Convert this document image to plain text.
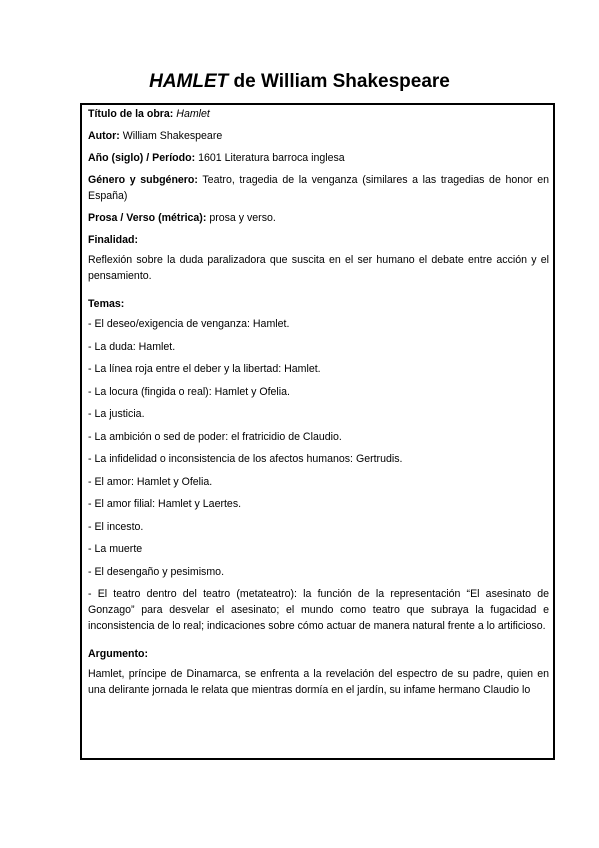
HAMLET de William Shakespeare

Título de la obra: Hamlet

Autor: William Shakespeare

Año (siglo) / Período: 1601 Literatura barroca inglesa

Género y subgénero: Teatro, tragedia de la venganza (similares a las tragedias de honor en España)

Prosa / Verso (métrica): prosa y verso.

Finalidad:

Reflexión sobre la duda paralizadora que suscita en el ser humano el debate entre acción y el pensamiento.

Temas:

- El deseo/exigencia de venganza: Hamlet.

- La duda: Hamlet.

- La línea roja entre el deber y la libertad: Hamlet.

- La locura (fingida o real): Hamlet y Ofelia.

- La justicia.

- La ambición o sed de poder: el fratricidio de Claudio.

- La infidelidad o inconsistencia de los afectos humanos: Gertrudis.

- El amor: Hamlet y Ofelia.

- El amor filial: Hamlet y Laertes.

- El incesto.

- La muerte

- El desengaño y pesimismo.

- El teatro dentro del teatro (metateatro): la función de la representación “El asesinato de Gonzago” para desvelar el asesinato; el mundo como teatro que subraya la fugacidad e inconsistencia de lo real; indicaciones sobre cómo actuar de manera natural frente a lo artificioso.

Argumento:

Hamlet, príncipe de Dinamarca, se enfrenta a la revelación del espectro de su padre, quien en una delirante jornada le relata que mientras dormía en el jardín, su infame hermano Claudio lo
